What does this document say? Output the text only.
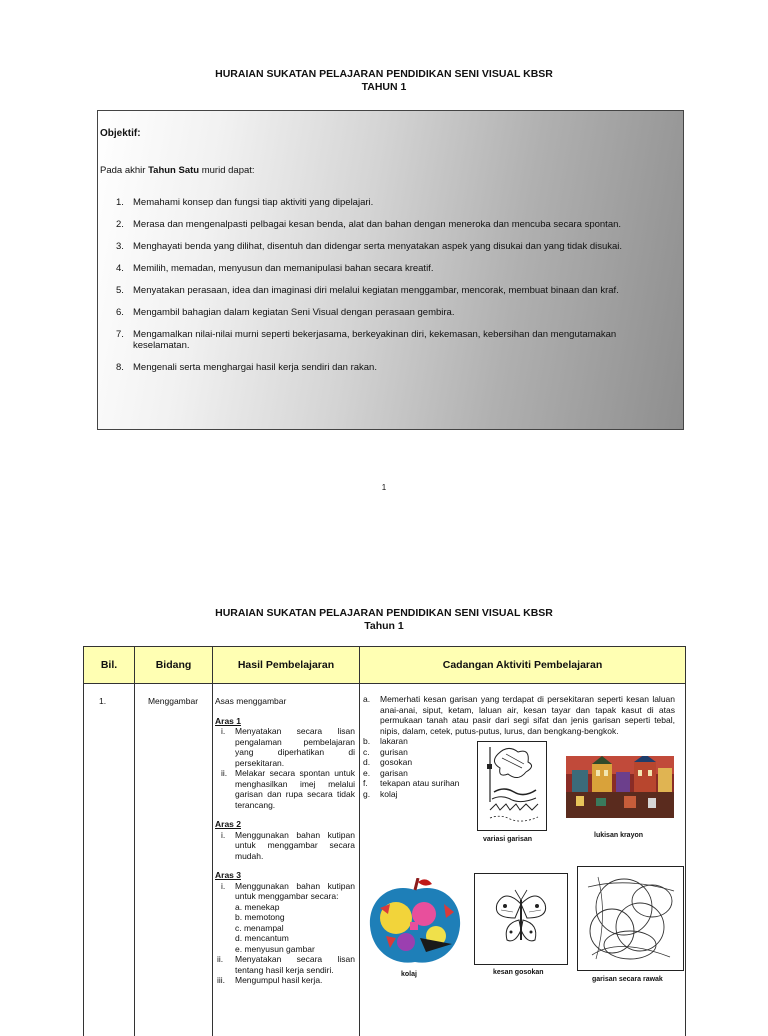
HURAIAN SUKATAN PELAJARAN PENDIDIKAN SENI VISUAL KBSR
TAHUN 1
Objektif:
Pada akhir Tahun Satu murid dapat:
1. Memahami konsep dan fungsi tiap aktiviti yang dipelajari.
2. Merasa dan mengenalpasti pelbagai kesan benda, alat dan bahan dengan meneroka dan mencuba secara spontan.
3. Menghayati benda yang dilihat, disentuh dan didengar serta menyatakan aspek yang disukai dan yang tidak disukai.
4. Memilih, memadan, menyusun dan memanipulasi bahan secara kreatif.
5. Menyatakan perasaan, idea dan imaginasi diri melalui kegiatan menggambar, mencorak, membuat binaan dan kraf.
6. Mengambil bahagian dalam kegiatan Seni Visual dengan perasaan gembira.
7. Mengamalkan nilai-nilai murni seperti bekerjasama, berkeyakinan diri, kekemasan, kebersihan dan mengutamakan keselamatan.
8. Mengenali serta menghargai hasil kerja sendiri dan rakan.
1
HURAIAN SUKATAN PELAJARAN PENDIDIKAN SENI VISUAL KBSR
Tahun 1
Bil.	Bidang	Hasil Pembelajaran	Cadangan Aktiviti Pembelajaran
1.	Menggambar	Asas menggambar
Aras 1
i. Menyatakan secara lisan pengalaman pembelajaran yang diperhatikan di persekitaran.
ii. Melakar secara spontan untuk menghasilkan imej melalui garisan dan rupa secara tidak terancang.
Aras 2
i. Menggunakan bahan kutipan untuk menggambar secara mudah.
Aras 3
i. Menggunakan bahan kutipan untuk menggambar secara:
a. menekap
b. memotong
c. menampal
d. mencantum
e. menyusun gambar
ii. Menyatakan secara lisan tentang hasil kerja sendiri.
iii. Mengumpul hasil kerja.
a. Memerhati kesan garisan yang terdapat di persekitaran seperti kesan laluan anai-anai, siput, ketam, laluan air, kesan tayar dan tapak kasut di atas permukaan tanah atau pasir dari segi sifat dan jenis garisan seperti tebal, nipis, dalam, cetek, putus-putus, lurus, dan bengkang-bengkok.
b. lakaran
c. gurisan
d. gosokan
e. garisan
f. tekapan atau surihan
g. kolaj
variasi garisan
lukisan krayon
kolaj	kesan gosokan
garisan secara rawak
